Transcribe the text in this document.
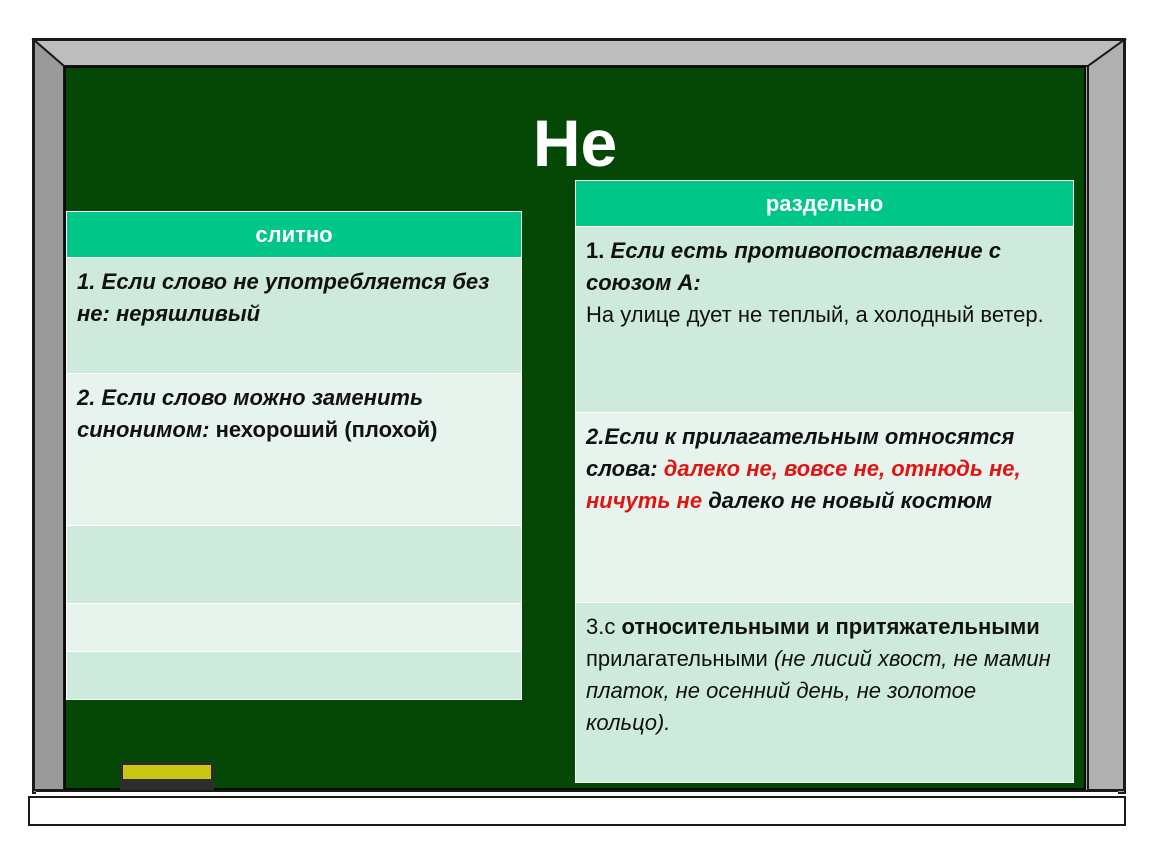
Не
слитно
1. Если слово не употребляется без не: неряшливый
2. Если слово можно заменить синонимом: нехороший (плохой)

раздельно
1. Если есть противопоставление с союзом А:
На улице дует не теплый, а холодный ветер.
2.Если к прилагательным относятся слова: далеко не, вовсе не, отнюдь не, ничуть не далеко не новый костюм
3.с относительными и притяжательными прилагательными (не лисий хвост, не мамин платок, не осенний день, не золотое кольцо).
